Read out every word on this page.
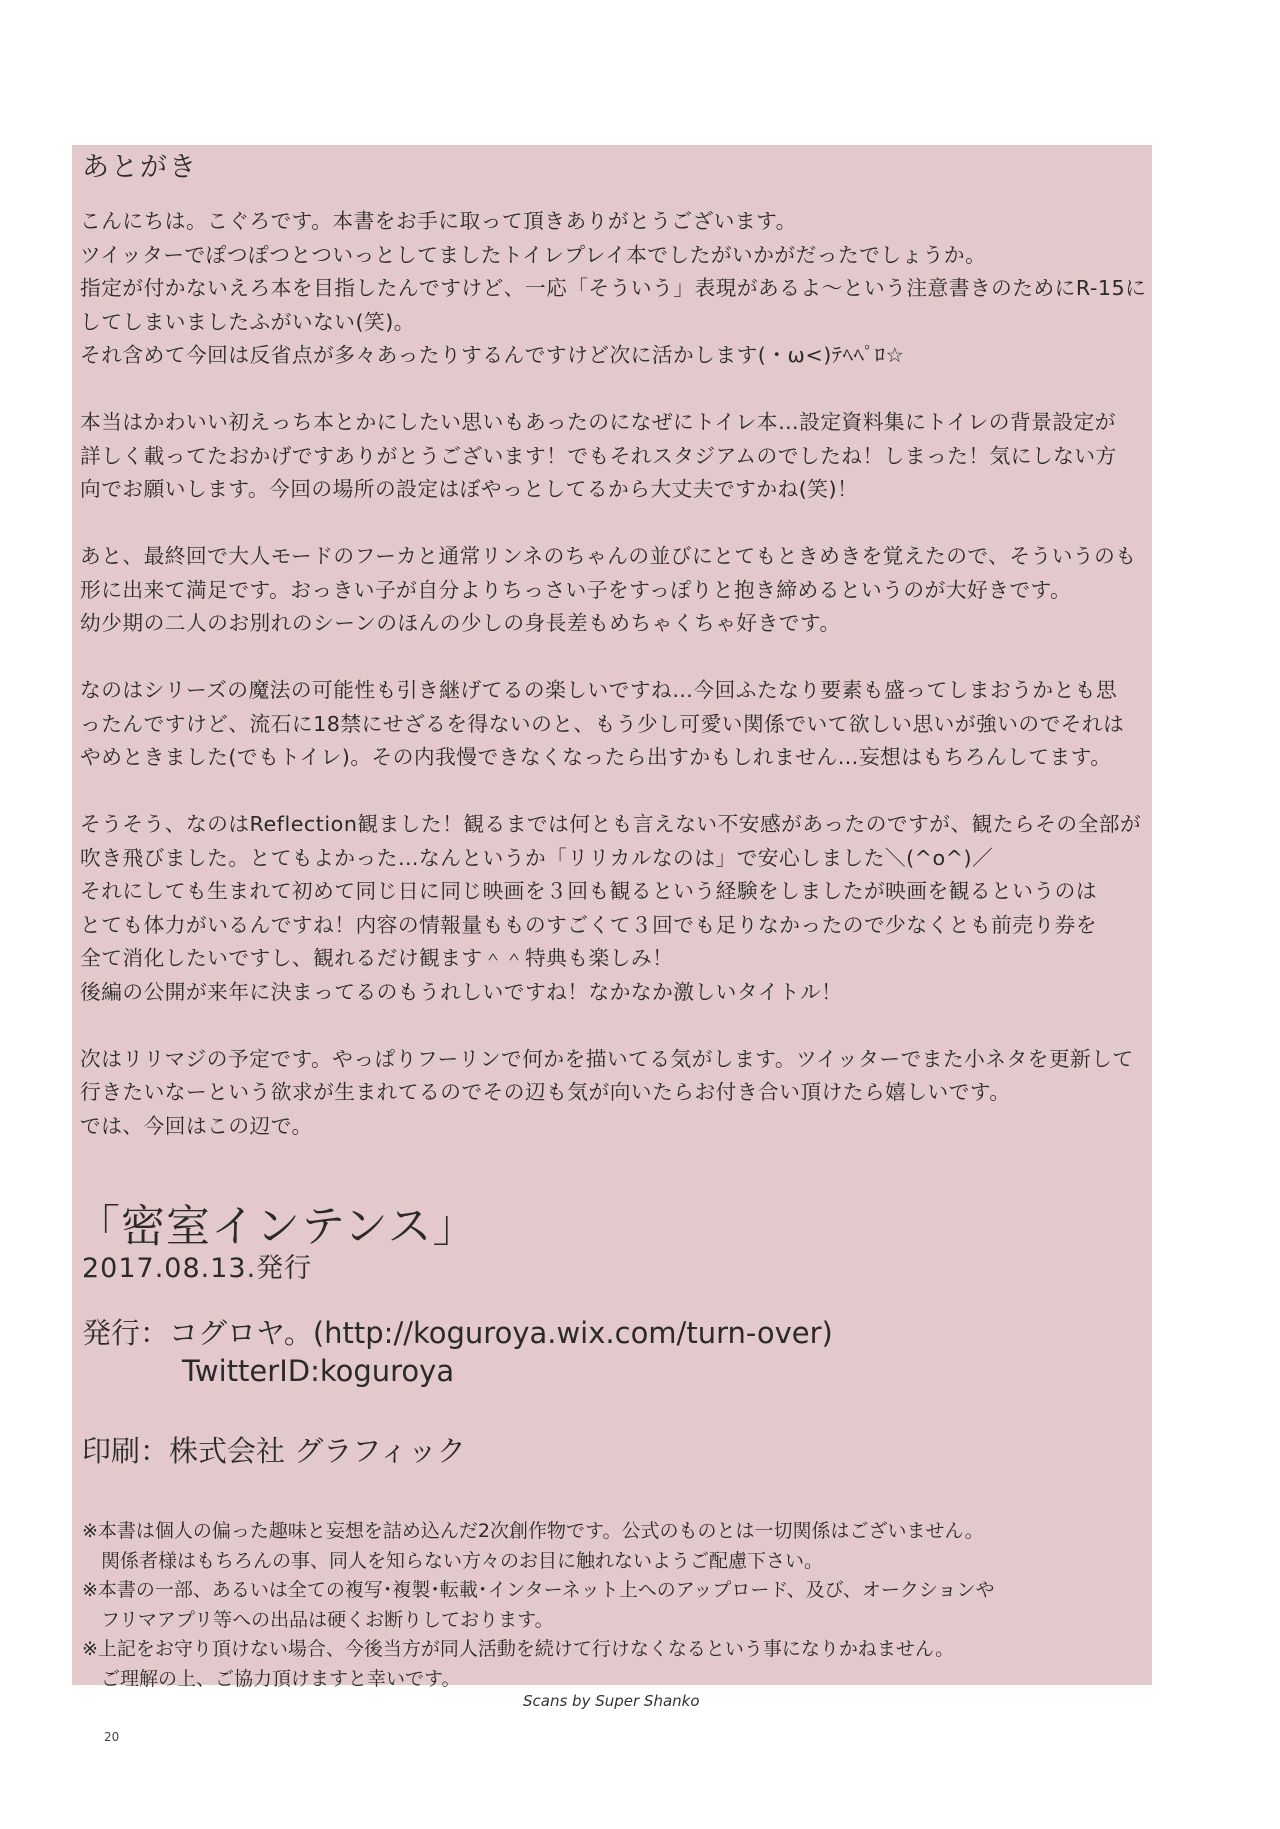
あとがき

こんにちは。こぐろです。本書をお手に取って頂きありがとうございます。
ツイッターでぽつぽつとついっとしてましたトイレプレイ本でしたがいかがだったでしょうか。
指定が付かないえろ本を目指したんですけど、一応「そういう」表現があるよ～という注意書きのためにR-15に
してしまいましたふがいない(笑)。
それ含めて今回は反省点が多々あったりするんですけど次に活かします(・ω<)ﾃﾍﾍﾟﾛ☆

本当はかわいい初えっち本とかにしたい思いもあったのになぜにトイレ本…設定資料集にトイレの背景設定が
詳しく載ってたおかげですありがとうございます！でもそれスタジアムのでしたね！しまった！気にしない方
向でお願いします。今回の場所の設定はぼやっとしてるから大丈夫ですかね(笑)！

あと、最終回で大人モードのフーカと通常リンネのちゃんの並びにとてもときめきを覚えたので、そういうのも
形に出来て満足です。おっきい子が自分よりちっさい子をすっぽりと抱き締めるというのが大好きです。
幼少期の二人のお別れのシーンのほんの少しの身長差もめちゃくちゃ好きです。

なのはシリーズの魔法の可能性も引き継げてるの楽しいですね…今回ふたなり要素も盛ってしまおうかとも思
ったんですけど、流石に18禁にせざるを得ないのと、もう少し可愛い関係でいて欲しい思いが強いのでそれは
やめときました(でもトイレ)。その内我慢できなくなったら出すかもしれません…妄想はもちろんしてます。

そうそう、なのはReflection観ました！観るまでは何とも言えない不安感があったのですが、観たらその全部が
吹き飛びました。とてもよかった…なんというか「リリカルなのは」で安心しました＼(^o^)／
それにしても生まれて初めて同じ日に同じ映画を３回も観るという経験をしましたが映画を観るというのは
とても体力がいるんですね！内容の情報量もものすごくて３回でも足りなかったので少なくとも前売り券を
全て消化したいですし、観れるだけ観ます＾＾特典も楽しみ！
後編の公開が来年に決まってるのもうれしいですね！なかなか激しいタイトル！

次はリリマジの予定です。やっぱりフーリンで何かを描いてる気がします。ツイッターでまた小ネタを更新して
行きたいなーという欲求が生まれてるのでその辺も気が向いたらお付き合い頂けたら嬉しいです。
では、今回はこの辺で。

「密室インテンス」
2017.08.13.発行
発行：コグロヤ。(http://koguroya.wix.com/turn-over)
TwitterID:koguroya
印刷：株式会社 グラフィック
※本書は個人の偏った趣味と妄想を詰め込んだ2次創作物です。公式のものとは一切関係はございません。
　関係者様はもちろんの事、同人を知らない方々のお目に触れないようご配慮下さい。
※本書の一部、あるいは全ての複写･複製･転載･インターネット上へのアップロード、及び、オークションや
　フリマアプリ等への出品は硬くお断りしております。
※上記をお守り頂けない場合、今後当方が同人活動を続けて行けなくなるという事になりかねません。
　ご理解の上、ご協力頂けますと幸いです。
Scans by Super Shanko
20
